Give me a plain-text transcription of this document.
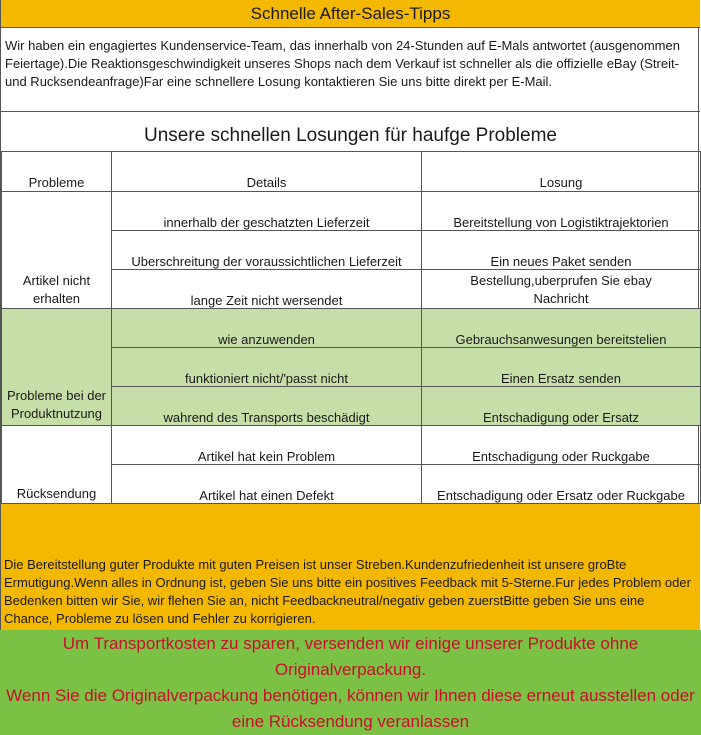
Schnelle After-Sales-Tipps
Wir haben ein engagiertes Kundenservice-Team, das innerhalb von 24-Stunden auf E-Mals antwortet (ausgenommen Feiertage).Die Reaktionsgeschwindigkeit unseres Shops nach dem Verkauf ist schneller als die offizielle eBay (Streit- und Rucksendeanfrage)Far eine schnellere Losung kontaktieren Sie uns bitte direkt per E-Mail.
Unsere schnellen Losungen für haufge Probleme
Probleme	Details	Losung
Artikel nicht erhalten	innerhalb der geschatzten Lieferzeit	Bereitstellung von Logistiktrajektorien
	Uberschreitung der voraussichtlichen Lieferzeit	Ein neues Paket senden
	lange Zeit nicht wersendet	Bestellung,uberprufen Sie ebay Nachricht
Probleme bei der Produktnutzung	wie anzuwenden	Gebrauchsanwesungen bereitstelien
	funktioniert nicht/'passt nicht	Einen Ersatz senden
	wahrend des Transports beschädigt	Entschadigung oder Ersatz
Rücksendung	Artikel hat kein Problem	Entschadigung oder Ruckgabe
	Artikel hat einen Defekt	Entschadigung oder Ersatz oder Ruckgabe
Die Bereitstellung guter Produkte mit guten Preisen ist unser Streben.Kundenzufriedenheit ist unsere groBte Ermutigung.Wenn alles in Ordnung ist, geben Sie uns bitte ein positives Feedback mit 5-Sterne.Fur jedes Problem oder Bedenken bitten wir Sie, wir flehen Sie an, nicht Feedbackneutral/negativ geben zuerstBitte geben Sie uns eine Chance, Probleme zu lösen und Fehler zu korrigieren.
Um Transportkosten zu sparen, versenden wir einige unserer Produkte ohne Originalverpackung.
Wenn Sie die Originalverpackung benötigen, können wir Ihnen diese erneut ausstellen oder eine Rücksendung veranlassen
